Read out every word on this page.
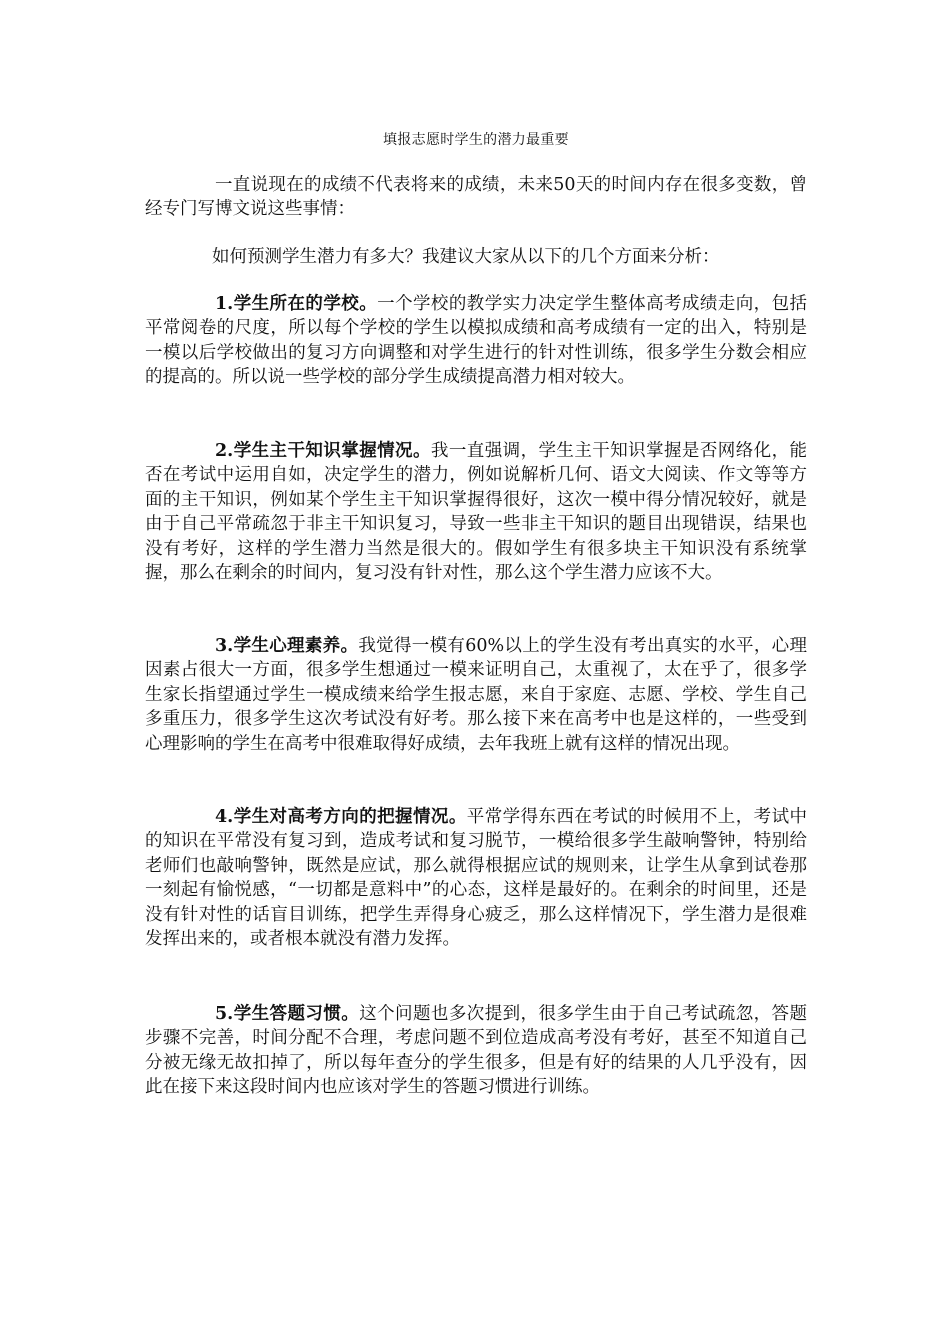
填报志愿时学生的潜力最重要

一直说现在的成绩不代表将来的成绩，未来50天的时间内存在很多变数，曾经专门写博文说这些事情：

如何预测学生潜力有多大？我建议大家从以下的几个方面来分析：

1.学生所在的学校。一个学校的教学实力决定学生整体高考成绩走向，包括平常阅卷的尺度，所以每个学校的学生以模拟成绩和高考成绩有一定的出入，特别是一模以后学校做出的复习方向调整和对学生进行的针对性训练，很多学生分数会相应的提高的。所以说一些学校的部分学生成绩提高潜力相对较大。

2.学生主干知识掌握情况。我一直强调，学生主干知识掌握是否网络化，能否在考试中运用自如，决定学生的潜力，例如说解析几何、语文大阅读、作文等等方面的主干知识，例如某个学生主干知识掌握得很好，这次一模中得分情况较好，就是由于自己平常疏忽于非主干知识复习，导致一些非主干知识的题目出现错误，结果也没有考好，这样的学生潜力当然是很大的。假如学生有很多块主干知识没有系统掌握，那么在剩余的时间内，复习没有针对性，那么这个学生潜力应该不大。

3.学生心理素养。我觉得一模有60%以上的学生没有考出真实的水平，心理因素占很大一方面，很多学生想通过一模来证明自己，太重视了，太在乎了，很多学生家长指望通过学生一模成绩来给学生报志愿，来自于家庭、志愿、学校、学生自己多重压力，很多学生这次考试没有好考。那么接下来在高考中也是这样的，一些受到心理影响的学生在高考中很难取得好成绩，去年我班上就有这样的情况出现。

4.学生对高考方向的把握情况。平常学得东西在考试的时候用不上，考试中的知识在平常没有复习到，造成考试和复习脱节，一模给很多学生敲响警钟，特别给老师们也敲响警钟，既然是应试，那么就得根据应试的规则来，让学生从拿到试卷那一刻起有愉悦感，“一切都是意料中”的心态，这样是最好的。在剩余的时间里，还是没有针对性的话盲目训练，把学生弄得身心疲乏，那么这样情况下，学生潜力是很难发挥出来的，或者根本就没有潜力发挥。

5.学生答题习惯。这个问题也多次提到，很多学生由于自己考试疏忽，答题步骤不完善，时间分配不合理，考虑问题不到位造成高考没有考好，甚至不知道自己分被无缘无故扣掉了，所以每年查分的学生很多，但是有好的结果的人几乎没有，因此在接下来这段时间内也应该对学生的答题习惯进行训练。
